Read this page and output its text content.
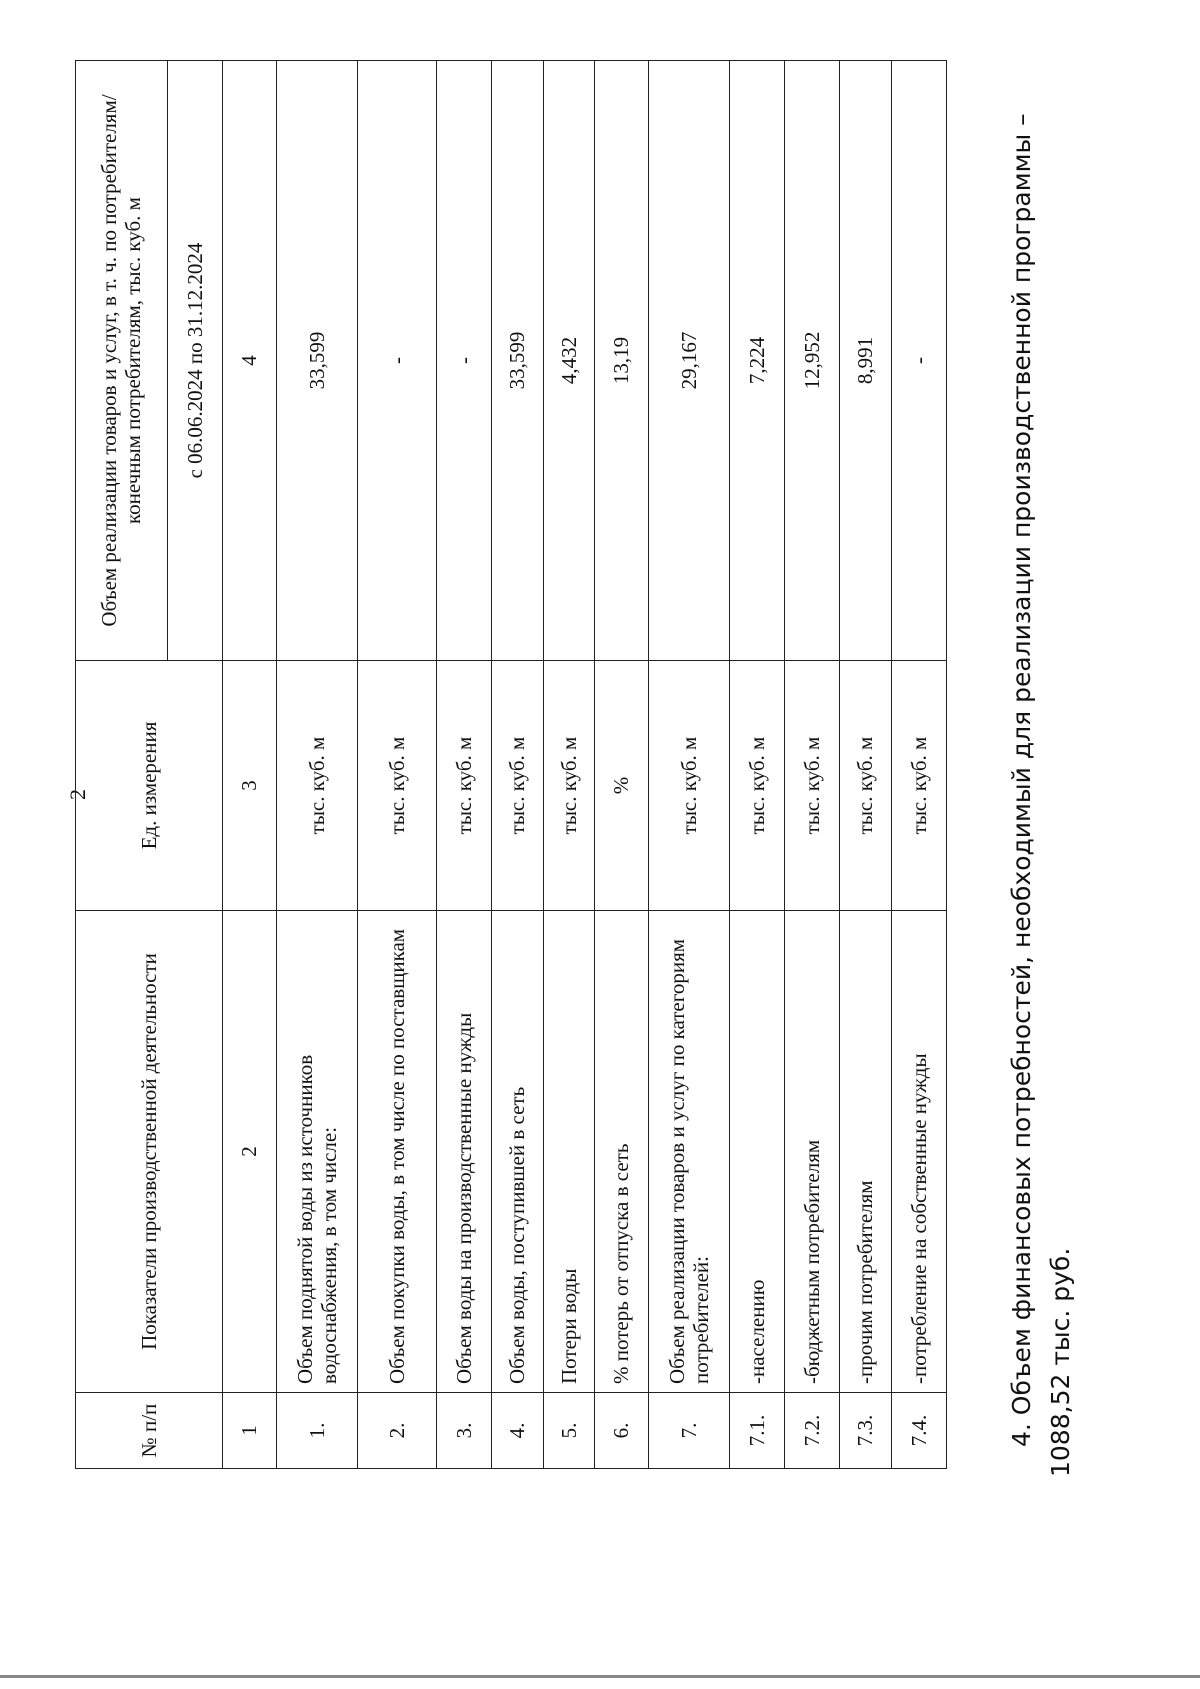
2
№ п/п	Показатели производственной деятельности	Ед. измерения	Объем реализации товаров и услуг, в т. ч. по потребителям/конечным потребителям, тыс. куб. м
			с 06.06.2024 по 31.12.2024
1	2	3	4
1.	Объем поднятой воды из источников водоснабжения, в том числе:	тыс. куб. м	33,599
2.	Объем покупки воды, в том числе по поставщикам	тыс. куб. м	-
3.	Объем воды на производственные нужды	тыс. куб. м	-
4.	Объем воды, поступившей в сеть	тыс. куб. м	33,599
5.	Потери воды	тыс. куб. м	4,432
6.	% потерь от отпуска в сеть	%	13,19
7.	Объем реализации товаров и услуг по категориям потребителей:	тыс. куб. м	29,167
7.1.	-населению	тыс. куб. м	7,224
7.2.	-бюджетным потребителям	тыс. куб. м	12,952
7.3.	-прочим потребителям	тыс. куб. м	8,991
7.4.	-потребление на собственные нужды	тыс. куб. м	-	4. Объем финансовых потребностей, необходимый для реализации производственной программы – 1088,52 тыс. руб.
